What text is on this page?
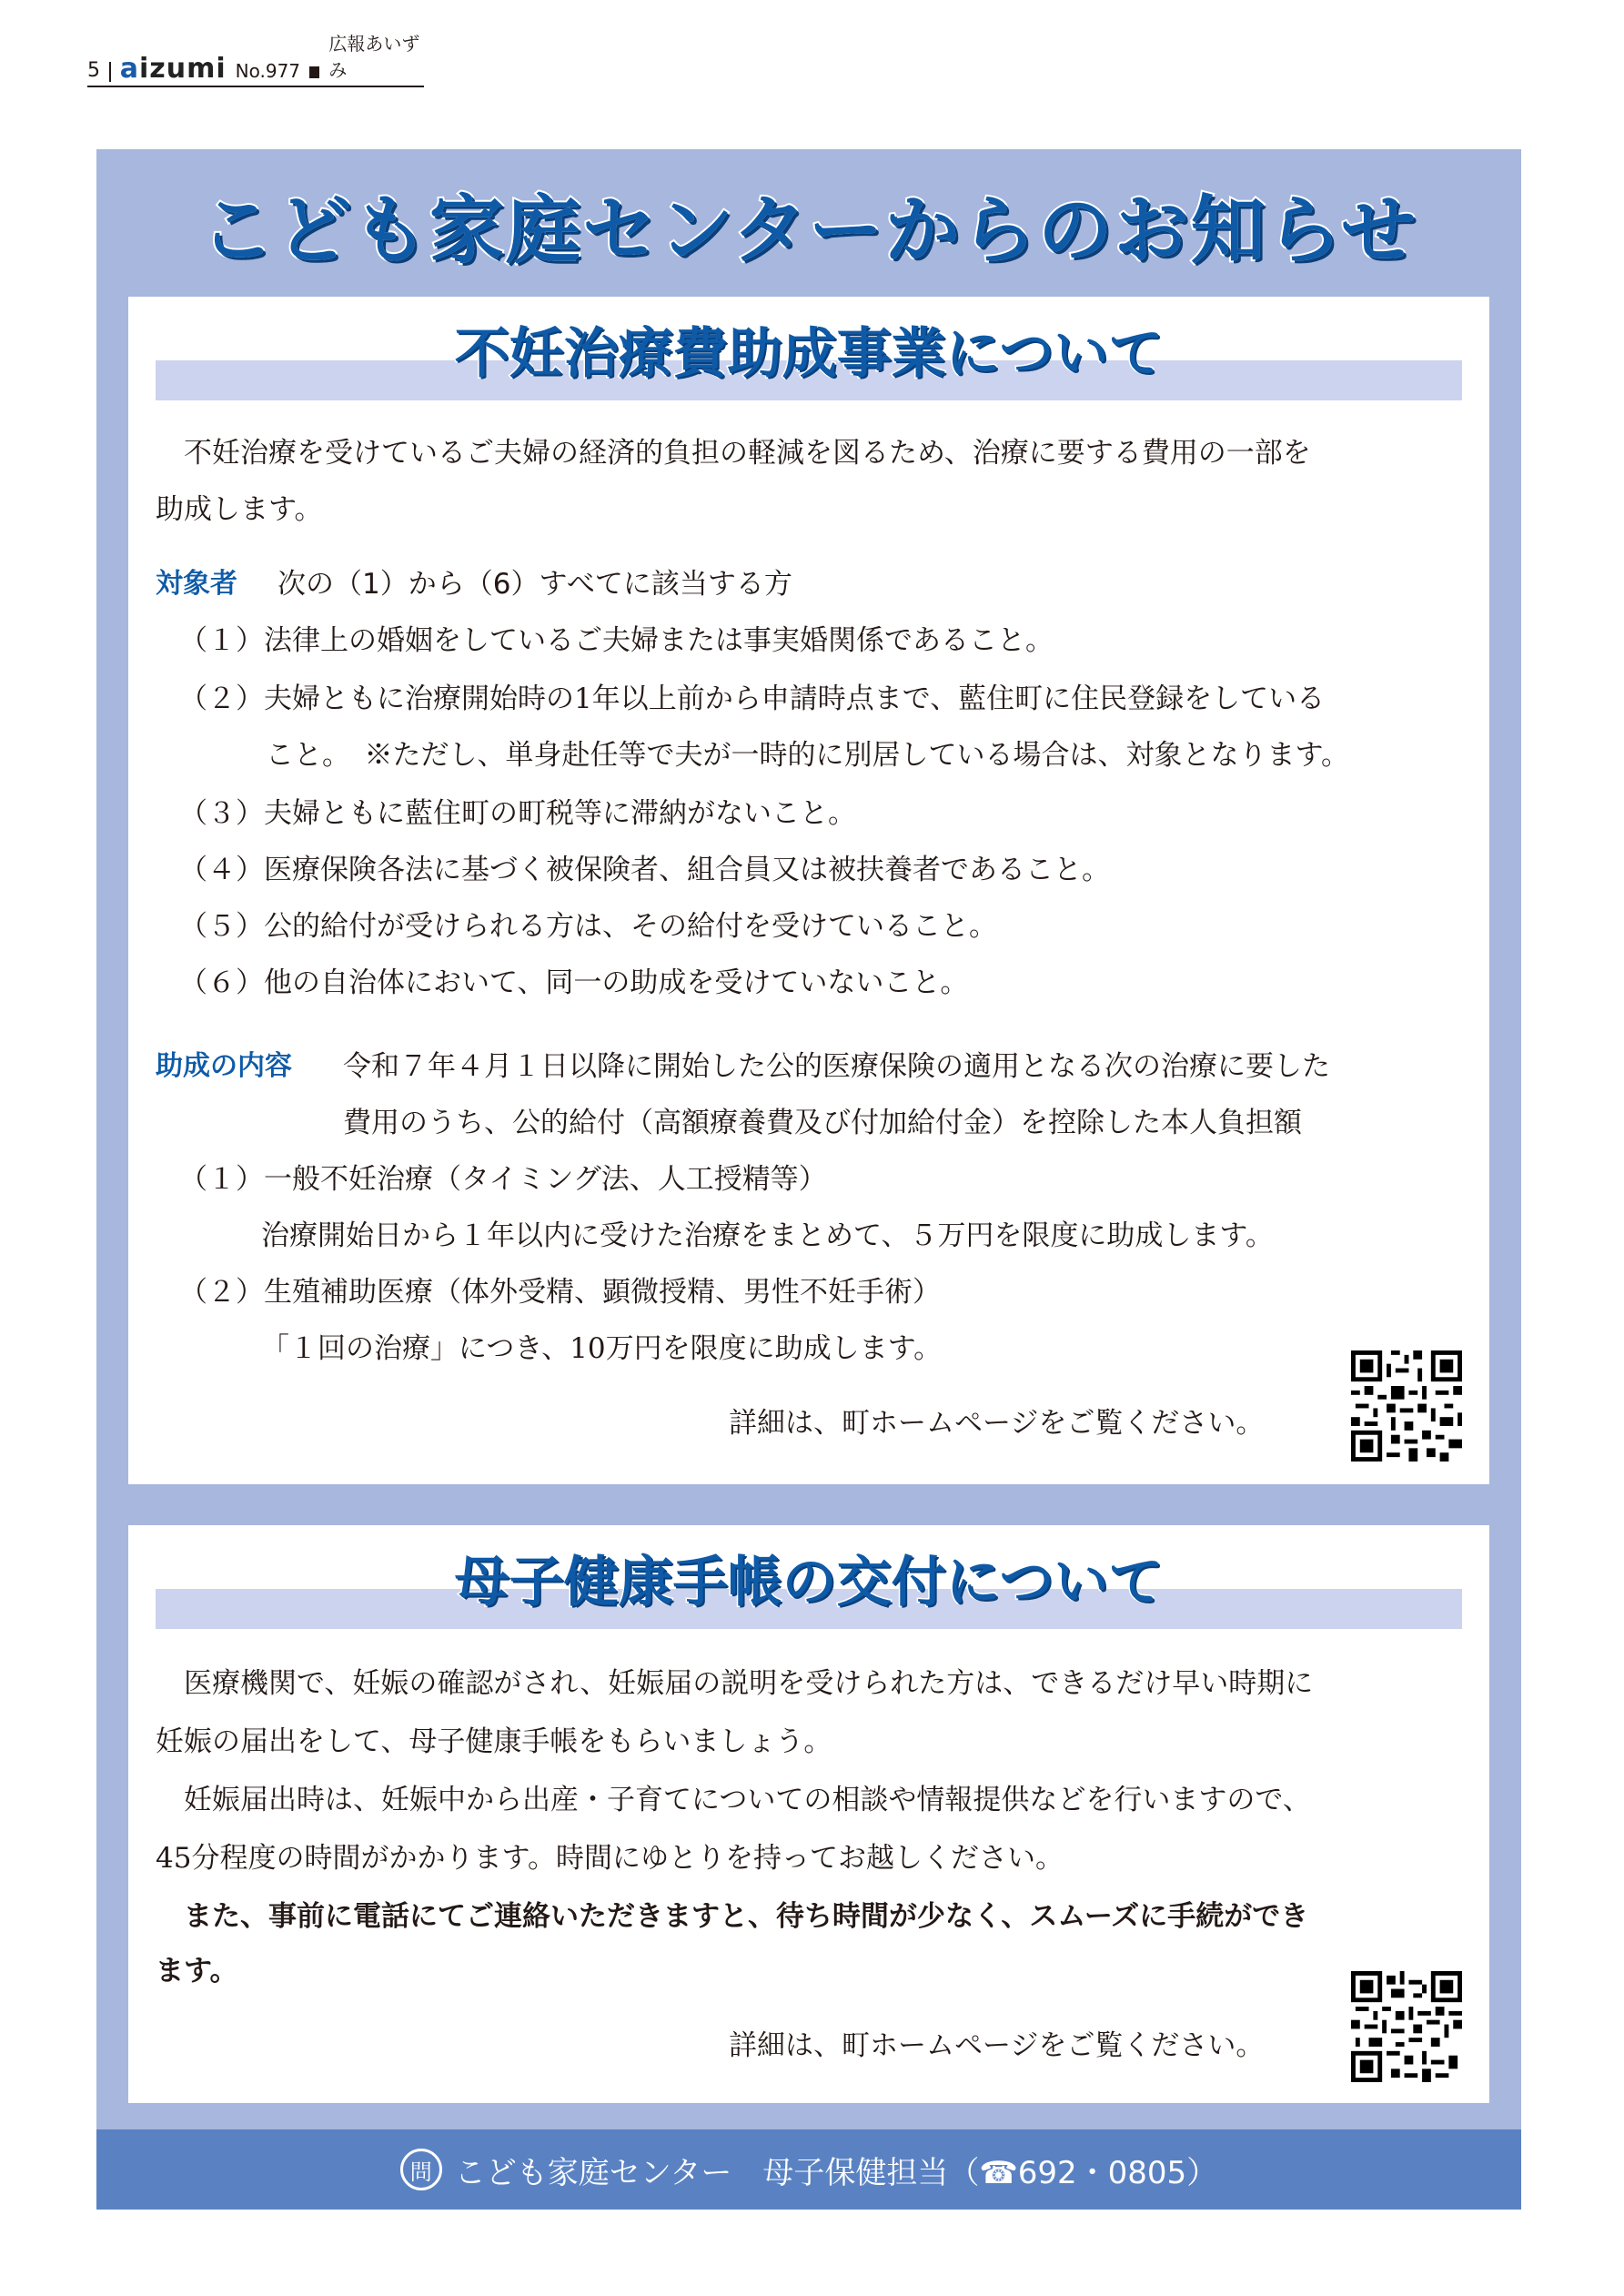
5 aizumi No.977
広報あいずみ
こども家庭センターからのお知らせ
不妊治療費助成事業について
　不妊治療を受けているご夫婦の経済的負担の軽減を図るため、治療に要する費用の一部を
助成します。
対象者 次の（1）から（6）すべてに該当する方
（１）法律上の婚姻をしているご夫婦または事実婚関係であること。
（２）夫婦ともに治療開始時の1年以上前から申請時点まで、藍住町に住民登録をしている
こと。　※ただし、単身赴任等で夫が一時的に別居している場合は、対象となります。
（３）夫婦ともに藍住町の町税等に滞納がないこと。
（４）医療保険各法に基づく被保険者、組合員又は被扶養者であること。
（５）公的給付が受けられる方は、その給付を受けていること。
（６）他の自治体において、同一の助成を受けていないこと。
助成の内容 令和７年４月１日以降に開始した公的医療保険の適用となる次の治療に要した
費用のうち、公的給付（高額療養費及び付加給付金）を控除した本人負担額
（１）一般不妊治療（タイミング法、人工授精等）
治療開始日から１年以内に受けた治療をまとめて、５万円を限度に助成します。
（２）生殖補助医療（体外受精、顕微授精、男性不妊手術）
「１回の治療」につき、10万円を限度に助成します。
詳細は、町ホームページをご覧ください。
母子健康手帳の交付について
　医療機関で、妊娠の確認がされ、妊娠届の説明を受けられた方は、できるだけ早い時期に
妊娠の届出をして、母子健康手帳をもらいましょう。
　妊娠届出時は、妊娠中から出産・子育てについての相談や情報提供などを行いますので、
45分程度の時間がかかります。時間にゆとりを持ってお越しください。
　また、事前に電話にてご連絡いただきますと、待ち時間が少なく、スムーズに手続ができ
ます。
詳細は、町ホームページをご覧ください。
問 こども家庭センター　母子保健担当（☎692・0805）
